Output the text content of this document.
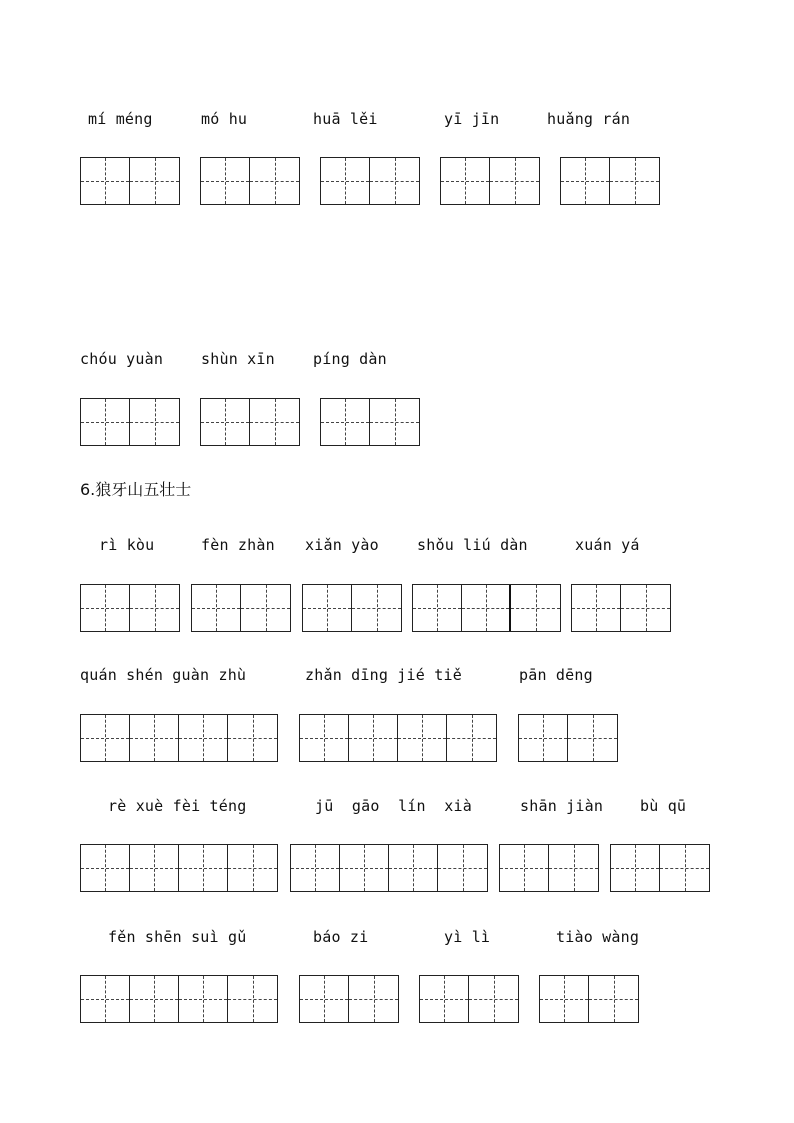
mí méng	mó hu	huā lěi	yī jīn	huǎng rán
chóu yuàn	shùn xīn	píng dàn
6.狼牙山五壮士
rì kòu	fèn zhàn xiǎn yào	shǒu liú dàn	xuán yá
quán shén guàn zhù	zhǎn dīng jié tiě	pān dēng
rè xuè fèi téng	jū  gāo  lín  xià	shān jiàn bù qū
fěn shēn suì gǔ	báo zi	yì lì	tiào wàng
